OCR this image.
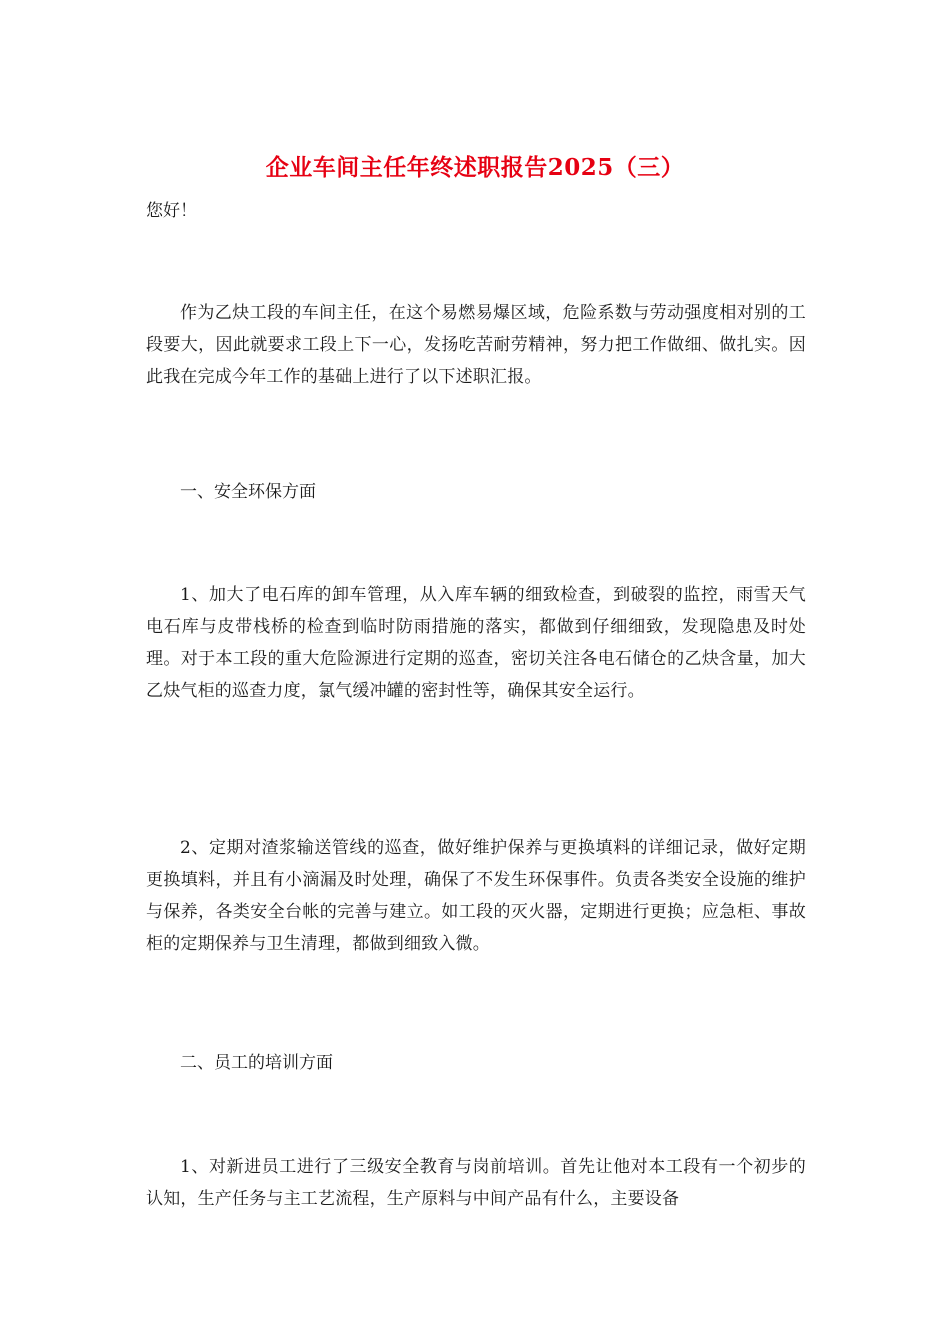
企业车间主任年终述职报告2025（三）

您好！

作为乙炔工段的车间主任，在这个易燃易爆区域，危险系数与劳动强度相对别的工段要大，因此就要求工段上下一心，发扬吃苦耐劳精神，努力把工作做细、做扎实。因此我在完成今年工作的基础上进行了以下述职汇报。

一、安全环保方面

1、加大了电石库的卸车管理，从入库车辆的细致检查，到破裂的监控，雨雪天气电石库与皮带栈桥的检查到临时防雨措施的落实，都做到仔细细致，发现隐患及时处理。对于本工段的重大危险源进行定期的巡查，密切关注各电石储仓的乙炔含量，加大乙炔气柜的巡查力度，氯气缓冲罐的密封性等，确保其安全运行。

2、定期对渣浆输送管线的巡查，做好维护保养与更换填料的详细记录，做好定期更换填料，并且有小滴漏及时处理，确保了不发生环保事件。负责各类安全设施的维护与保养，各类安全台帐的完善与建立。如工段的灭火器，定期进行更换；应急柜、事故柜的定期保养与卫生清理，都做到细致入微。

二、员工的培训方面

1、对新进员工进行了三级安全教育与岗前培训。首先让他对本工段有一个初步的认知，生产任务与主工艺流程，生产原料与中间产品有什么，主要设备
